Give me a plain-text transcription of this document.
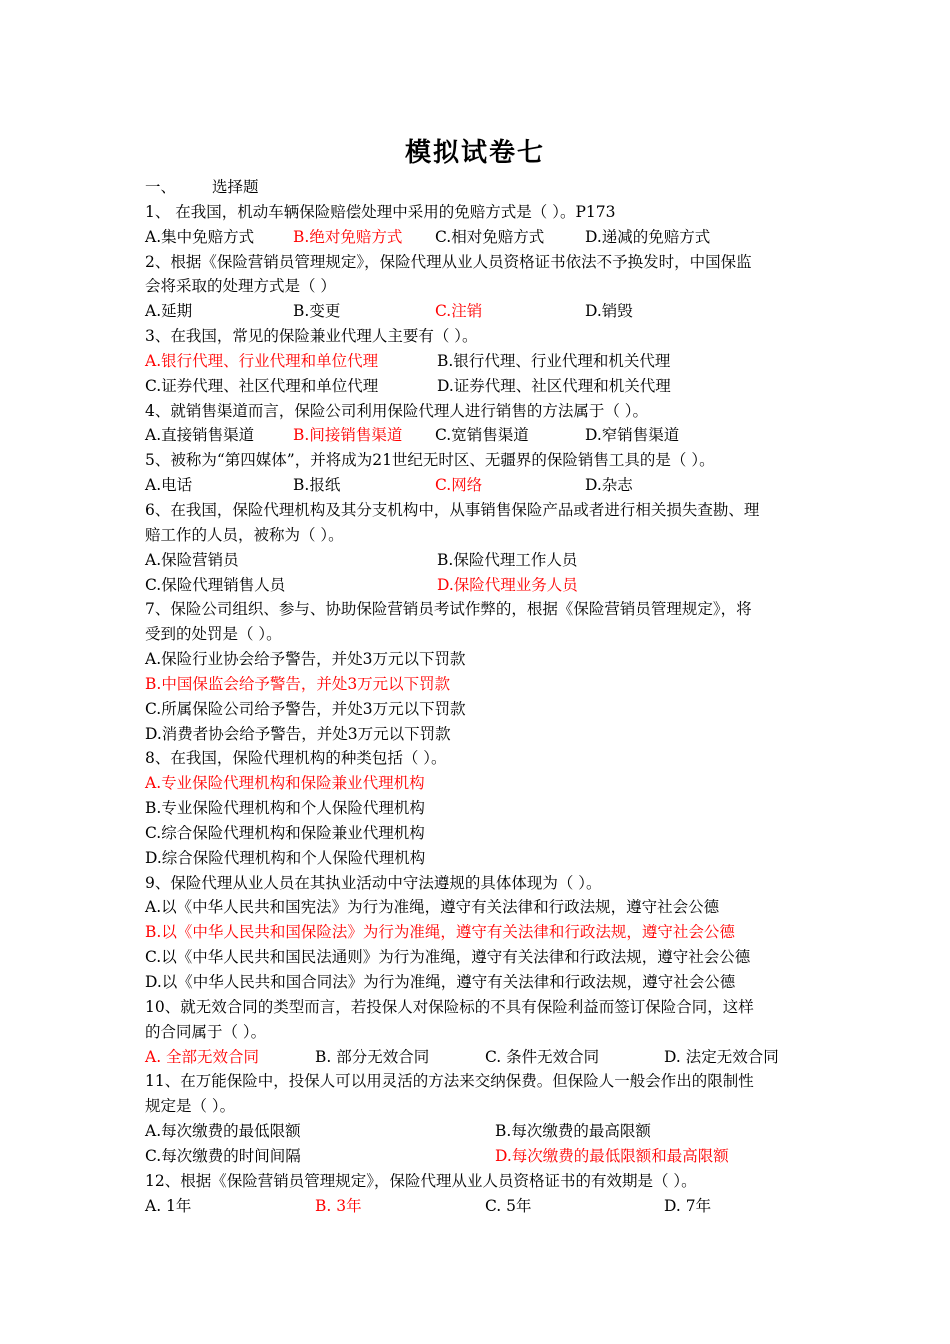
模拟试卷七
一、 选择题
1、 在我国，机动车辆保险赔偿处理中采用的免赔方式是（ ）。P173
A.集中免赔方式	B.绝对免赔方式 C.相对免赔方式	D.递减的免赔方式
2、根据《保险营销员管理规定》，保险代理从业人员资格证书依法不予换发时，中国保监
会将采取的处理方式是（ ）
A.延期	B.变更	C.注销	D.销毁
3、在我国，常见的保险兼业代理人主要有（ ）。
A.银行代理、行业代理和单位代理	B.银行代理、行业代理和机关代理
C.证券代理、社区代理和单位代理	D.证券代理、社区代理和机关代理
4、就销售渠道而言，保险公司利用保险代理人进行销售的方法属于（ ）。
A.直接销售渠道	B.间接销售渠道 C.宽销售渠道	D.窄销售渠道
5、被称为“第四媒体”，并将成为21世纪无时区、无疆界的保险销售工具的是（ ）。
A.电话	B.报纸	C.网络	D.杂志
6、在我国，保险代理机构及其分支机构中，从事销售保险产品或者进行相关损失查勘、理
赔工作的人员，被称为（ ）。
A.保险营销员	B.保险代理工作人员
C.保险代理销售人员	D.保险代理业务人员
7、保险公司组织、参与、协助保险营销员考试作弊的，根据《保险营销员管理规定》，将
受到的处罚是（ ）。
A.保险行业协会给予警告，并处3万元以下罚款
B.中国保监会给予警告，并处3万元以下罚款
C.所属保险公司给予警告，并处3万元以下罚款
D.消费者协会给予警告，并处3万元以下罚款
8、在我国，保险代理机构的种类包括（ ）。
A.专业保险代理机构和保险兼业代理机构
B.专业保险代理机构和个人保险代理机构
C.综合保险代理机构和保险兼业代理机构
D.综合保险代理机构和个人保险代理机构
9、保险代理从业人员在其执业活动中守法遵规的具体体现为（ ）。
A.以《中华人民共和国宪法》为行为准绳，遵守有关法律和行政法规，遵守社会公德
B.以《中华人民共和国保险法》为行为准绳，遵守有关法律和行政法规，遵守社会公德
C.以《中华人民共和国民法通则》为行为准绳，遵守有关法律和行政法规，遵守社会公德
D.以《中华人民共和国合同法》为行为准绳，遵守有关法律和行政法规，遵守社会公德
10、就无效合同的类型而言，若投保人对保险标的不具有保险利益而签订保险合同，这样
的合同属于（ ）。
A. 全部无效合同	B. 部分无效合同	C. 条件无效合同	D. 法定无效合同
11、在万能保险中，投保人可以用灵活的方法来交纳保费。但保险人一般会作出的限制性
规定是（ ）。
A.每次缴费的最低限额	B.每次缴费的最高限额
C.每次缴费的时间间隔	D.每次缴费的最低限额和最高限额
12、根据《保险营销员管理规定》，保险代理从业人员资格证书的有效期是（ ）。
A. 1年	B. 3年	C. 5年	D. 7年
